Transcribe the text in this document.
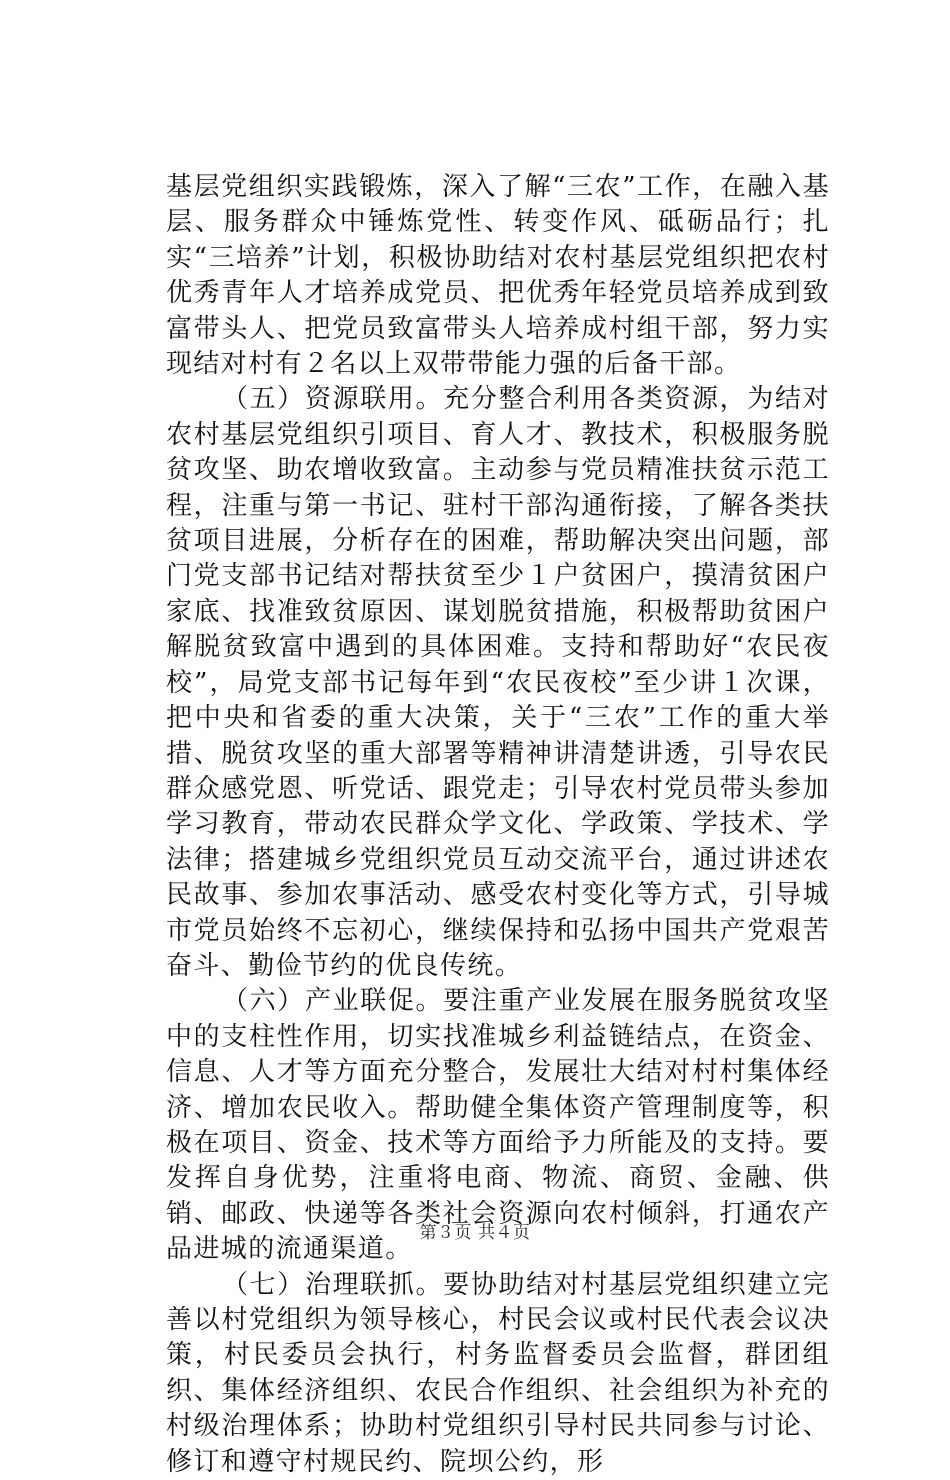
基层党组织实践锻炼，深入了解“三农”工作，在融入基层、服务群众中锤炼党性、转变作风、砥砺品行；扎实“三培养”计划，积极协助结对农村基层党组织把农村优秀青年人才培养成党员、把优秀年轻党员培养成到致富带头人、把党员致富带头人培养成村组干部，努力实现结对村有２名以上双带带能力强的后备干部。

（五）资源联用。充分整合利用各类资源，为结对农村基层党组织引项目、育人才、教技术，积极服务脱贫攻坚、助农增收致富。主动参与党员精准扶贫示范工程，注重与第一书记、驻村干部沟通衔接，了解各类扶贫项目进展，分析存在的困难，帮助解决突出问题，部门党支部书记结对帮扶贫至少１户贫困户，摸清贫困户家底、找准致贫原因、谋划脱贫措施，积极帮助贫困户解脱贫致富中遇到的具体困难。支持和帮助好“农民夜校”，局党支部书记每年到“农民夜校”至少讲１次课，把中央和省委的重大决策，关于“三农”工作的重大举措、脱贫攻坚的重大部署等精神讲清楚讲透，引导农民群众感党恩、听党话、跟党走；引导农村党员带头参加学习教育，带动农民群众学文化、学政策、学技术、学法律；搭建城乡党组织党员互动交流平台，通过讲述农民故事、参加农事活动、感受农村变化等方式，引导城市党员始终不忘初心，继续保持和弘扬中国共产党艰苦奋斗、勤俭节约的优良传统。

（六）产业联促。要注重产业发展在服务脱贫攻坚中的支柱性作用，切实找准城乡利益链结点，在资金、信息、人才等方面充分整合，发展壮大结对村村集体经济、增加农民收入。帮助健全集体资产管理制度等，积极在项目、资金、技术等方面给予力所能及的支持。要发挥自身优势，注重将电商、物流、商贸、金融、供销、邮政、快递等各类社会资源向农村倾斜，打通农产品进城的流通渠道。

（七）治理联抓。要协助结对村基层党组织建立完善以村党组织为领导核心，村民会议或村民代表会议决策，村民委员会执行，村务监督委员会监督，群团组织、集体经济组织、农民合作组织、社会组织为补充的村级治理体系；协助村党组织引导村民共同参与讨论、修订和遵守村规民约、院坝公约，形

第３页 共４页
